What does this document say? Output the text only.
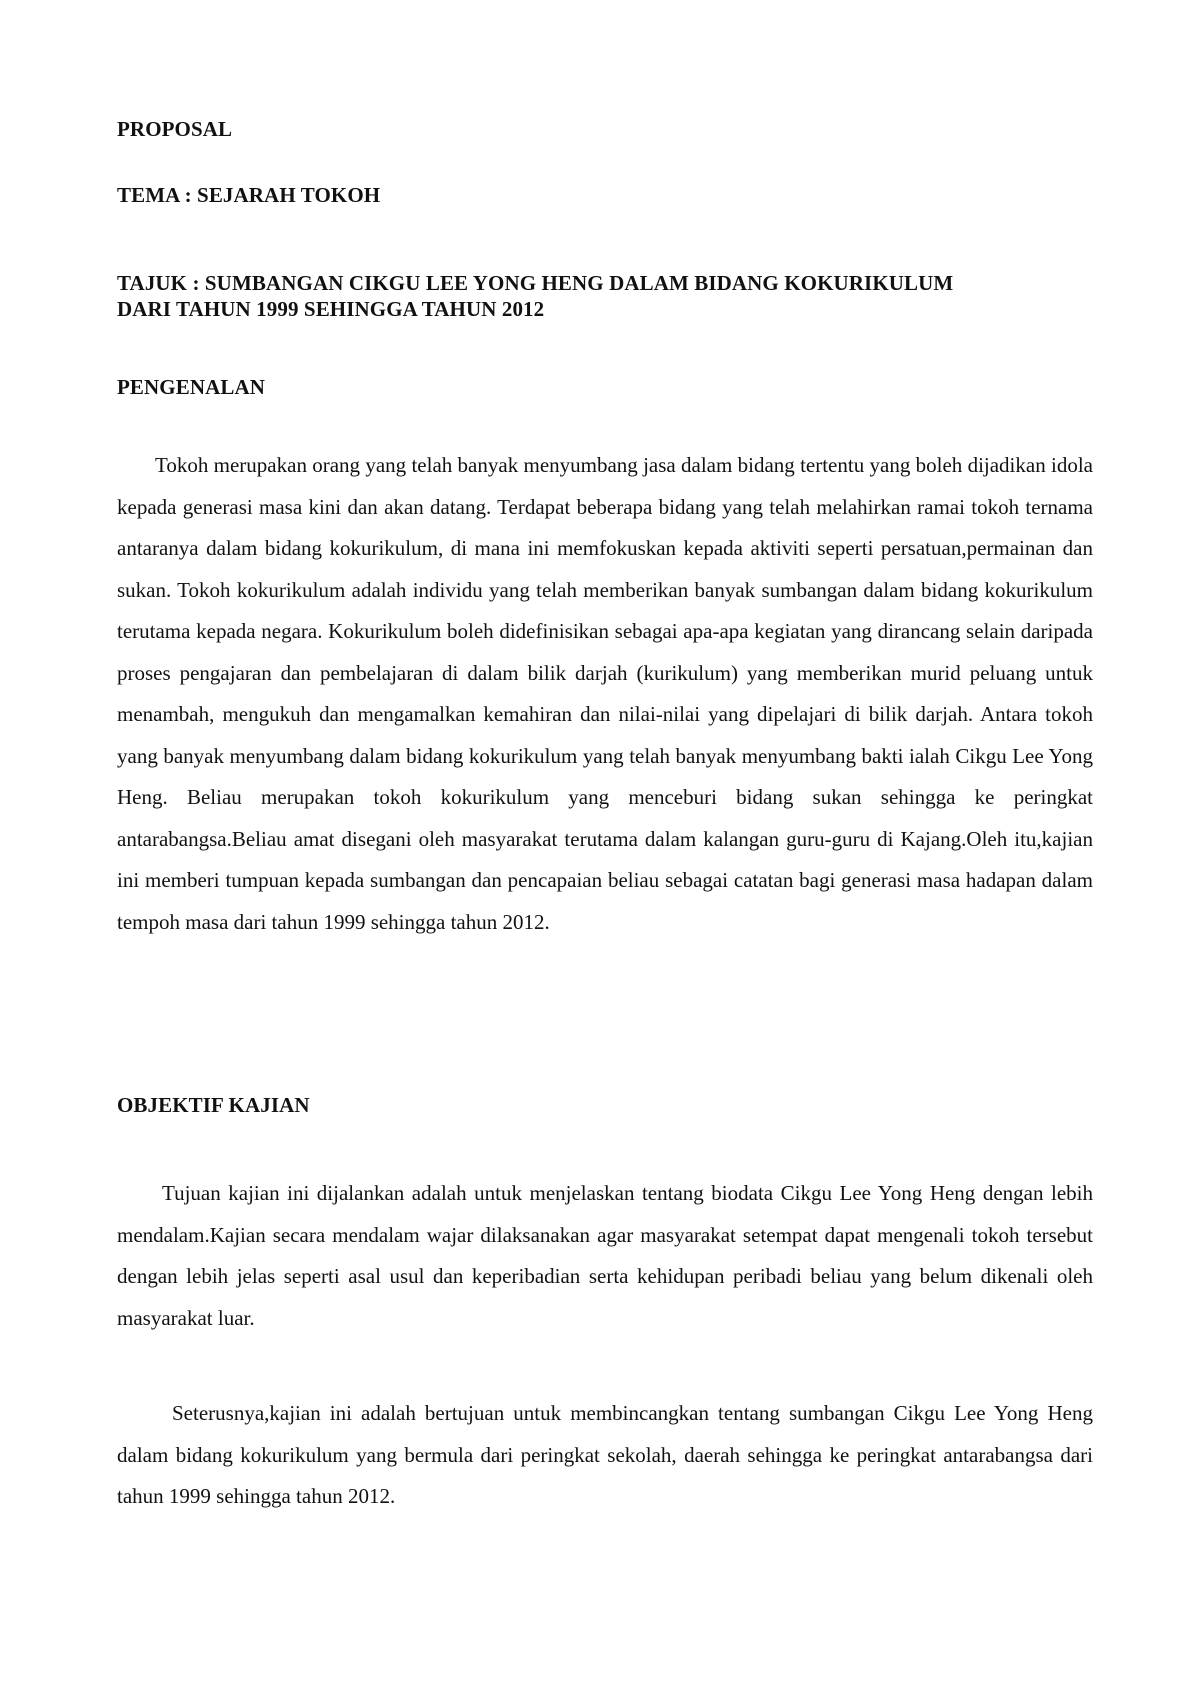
PROPOSAL
TEMA : SEJARAH TOKOH
TAJUK : SUMBANGAN CIKGU LEE YONG HENG DALAM BIDANG KOKURIKULUM
DARI TAHUN 1999 SEHINGGA TAHUN 2012
PENGENALAN

Tokoh merupakan orang yang telah banyak menyumbang jasa dalam bidang tertentu yang boleh dijadikan idola kepada generasi masa kini dan akan datang. Terdapat beberapa bidang yang telah melahirkan ramai tokoh ternama antaranya dalam bidang kokurikulum, di mana ini memfokuskan kepada aktiviti seperti persatuan,permainan dan sukan. Tokoh kokurikulum adalah individu yang telah memberikan banyak sumbangan dalam bidang kokurikulum terutama kepada negara. Kokurikulum boleh didefinisikan sebagai apa-apa kegiatan yang dirancang selain daripada proses pengajaran dan pembelajaran di dalam bilik darjah (kurikulum) yang memberikan murid peluang untuk menambah, mengukuh dan mengamalkan kemahiran dan nilai-nilai yang dipelajari di bilik darjah. Antara tokoh yang banyak menyumbang dalam bidang kokurikulum yang telah banyak menyumbang bakti ialah Cikgu Lee Yong Heng. Beliau merupakan tokoh kokurikulum yang menceburi bidang sukan sehingga ke peringkat antarabangsa.Beliau amat disegani oleh masyarakat terutama dalam kalangan guru-guru di Kajang.Oleh itu,kajian ini memberi tumpuan kepada sumbangan dan pencapaian beliau sebagai catatan bagi generasi masa hadapan dalam tempoh masa dari tahun 1999 sehingga tahun 2012.

OBJEKTIF KAJIAN

Tujuan kajian ini dijalankan adalah untuk menjelaskan tentang biodata Cikgu Lee Yong Heng dengan lebih mendalam.Kajian secara mendalam wajar dilaksanakan agar masyarakat setempat dapat mengenali tokoh tersebut dengan lebih jelas seperti asal usul dan keperibadian serta kehidupan peribadi beliau yang belum dikenali oleh masyarakat luar.

Seterusnya,kajian ini adalah bertujuan untuk membincangkan tentang sumbangan Cikgu Lee Yong Heng dalam bidang kokurikulum yang bermula dari peringkat sekolah, daerah sehingga ke peringkat antarabangsa dari tahun 1999 sehingga tahun 2012.
